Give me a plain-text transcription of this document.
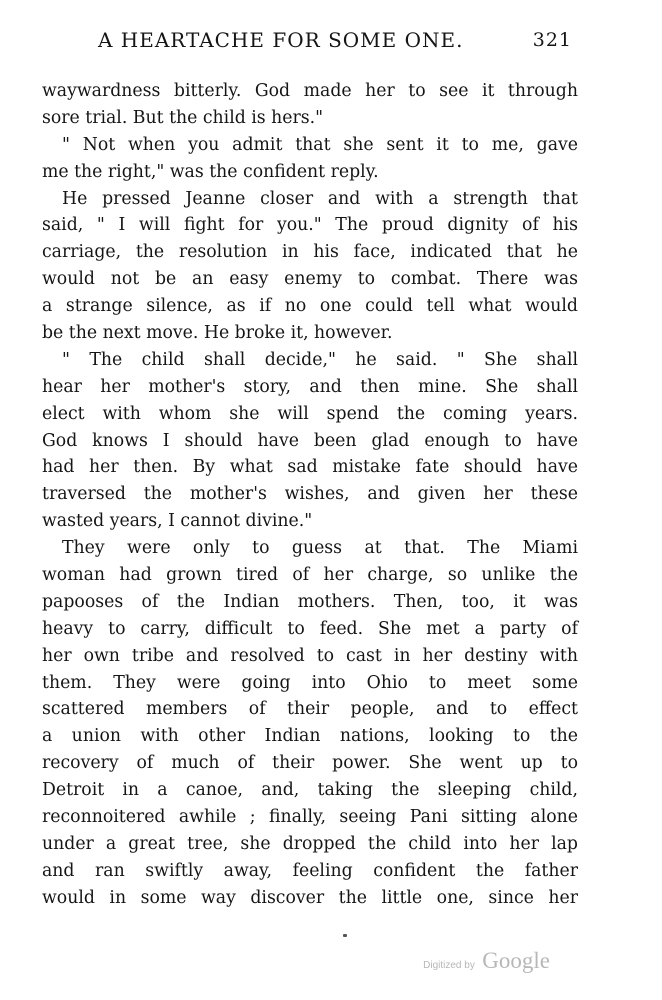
A HEARTACHE FOR SOME ONE.	321
waywardness bitterly. God made her to see it through
sore trial. But the child is hers."
" Not when you admit that she sent it to me, gave
me the right," was the confident reply.
He pressed Jeanne closer and with a strength that
said, " I will fight for you." The proud dignity of his
carriage, the resolution in his face, indicated that he
would not be an easy enemy to combat. There was
a strange silence, as if no one could tell what would
be the next move. He broke it, however.
" The child shall decide," he said. " She shall
hear her mother's story, and then mine. She shall
elect with whom she will spend the coming years.
God knows I should have been glad enough to have
had her then. By what sad mistake fate should have
traversed the mother's wishes, and given her these
wasted years, I cannot divine."
They were only to guess at that. The Miami
woman had grown tired of her charge, so unlike the
papooses of the Indian mothers. Then, too, it was
heavy to carry, difficult to feed. She met a party of
her own tribe and resolved to cast in her destiny with
them. They were going into Ohio to meet some
scattered members of their people, and to effect
a union with other Indian nations, looking to the
recovery of much of their power. She went up to
Detroit in a canoe, and, taking the sleeping child,
reconnoitered awhile ; finally, seeing Pani sitting alone
under a great tree, she dropped the child into her lap
and ran swiftly away, feeling confident the father
would in some way discover the little one, since her
Digitized by Google
